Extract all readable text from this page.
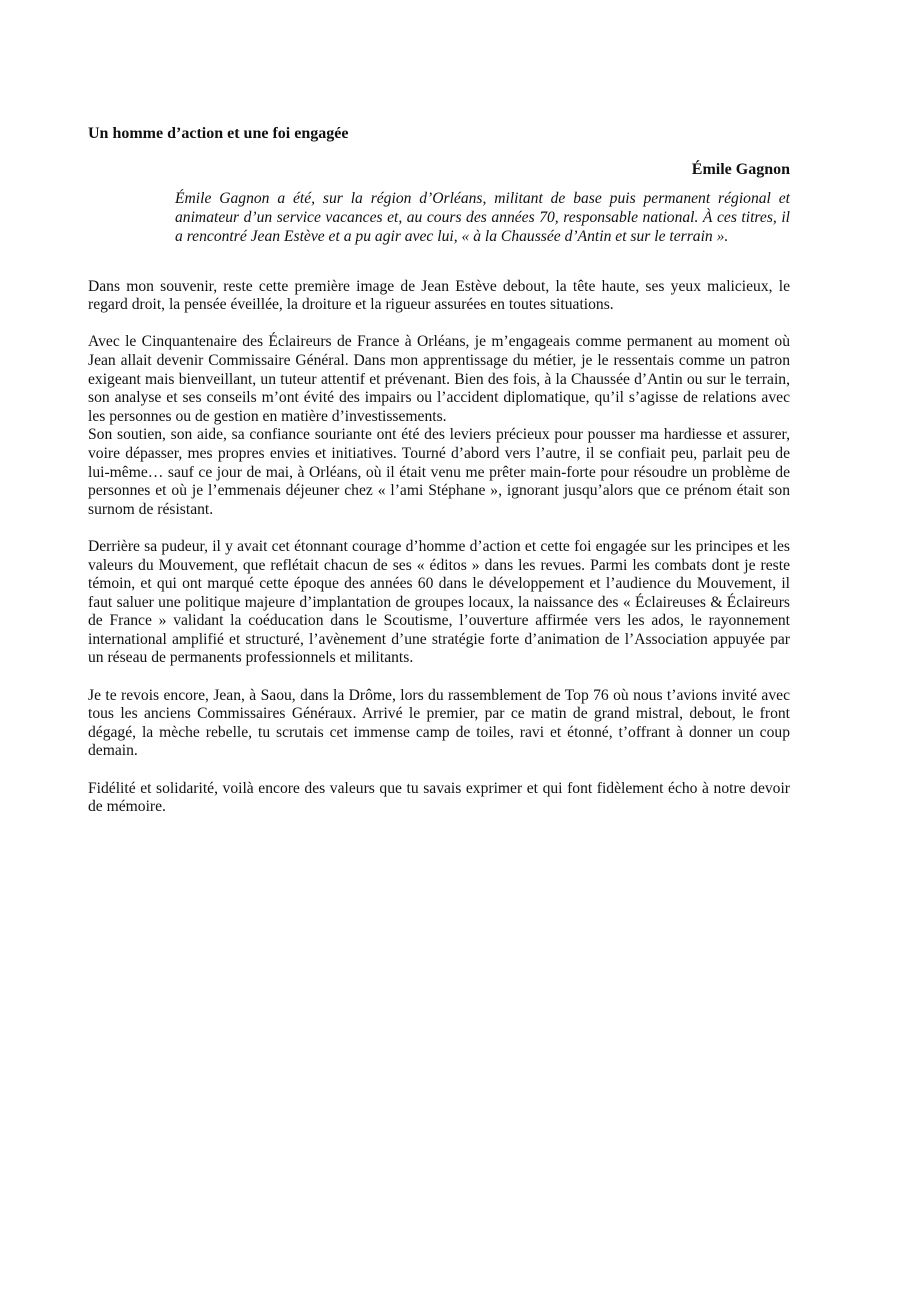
Un homme d’action et une foi engagée
Émile Gagnon
Émile Gagnon a été, sur la région d’Orléans, militant de base puis permanent régional et animateur d’un service vacances et, au cours des années 70, responsable national. À ces titres, il a rencontré Jean Estève et a pu agir avec lui, « à la Chaussée d’Antin et sur le terrain ».

Dans mon souvenir, reste cette première image de Jean Estève debout, la tête haute, ses yeux malicieux, le regard droit, la pensée éveillée, la droiture et la rigueur assurées en toutes situations.

Avec le Cinquantenaire des Éclaireurs de France à Orléans, je m’engageais comme permanent au moment où Jean allait devenir Commissaire Général. Dans mon apprentissage du métier, je le ressentais comme un patron exigeant mais bienveillant, un tuteur attentif et prévenant. Bien des fois, à la Chaussée d’Antin ou sur le terrain, son analyse et ses conseils m’ont évité des impairs ou l’accident diplomatique, qu’il s’agisse de relations avec les personnes ou de gestion en matière d’investissements.

Son soutien, son aide, sa confiance souriante ont été des leviers précieux pour pousser ma hardiesse et assurer, voire dépasser, mes propres envies et initiatives. Tourné d’abord vers l’autre, il se confiait peu, parlait peu de lui-même… sauf ce jour de mai, à Orléans, où il était venu me prêter main-forte pour résoudre un problème de personnes et où je l’emmenais déjeuner chez « l’ami Stéphane », ignorant jusqu’alors que ce prénom était son surnom de résistant.

Derrière sa pudeur, il y avait cet étonnant courage d’homme d’action et cette foi engagée sur les principes et les valeurs du Mouvement, que reflétait chacun de ses « éditos » dans les revues. Parmi les combats dont je reste témoin, et qui ont marqué cette époque des années 60 dans le développement et l’audience du Mouvement, il faut saluer une politique majeure d’implantation de groupes locaux, la naissance des « Éclaireuses & Éclaireurs de France » validant la coéducation dans le Scoutisme, l’ouverture affirmée vers les ados, le rayonnement international amplifié et structuré, l’avènement d’une stratégie forte d’animation de l’Association appuyée par un réseau de permanents professionnels et militants.

Je te revois encore, Jean, à Saou, dans la Drôme, lors du rassemblement de Top 76 où nous t’avions invité avec tous les anciens Commissaires Généraux. Arrivé le premier, par ce matin de grand mistral, debout, le front dégagé, la mèche rebelle, tu scrutais cet immense camp de toiles, ravi et étonné, t’offrant à donner un coup demain.

Fidélité et solidarité, voilà encore des valeurs que tu savais exprimer et qui font fidèlement écho à notre devoir de mémoire.
